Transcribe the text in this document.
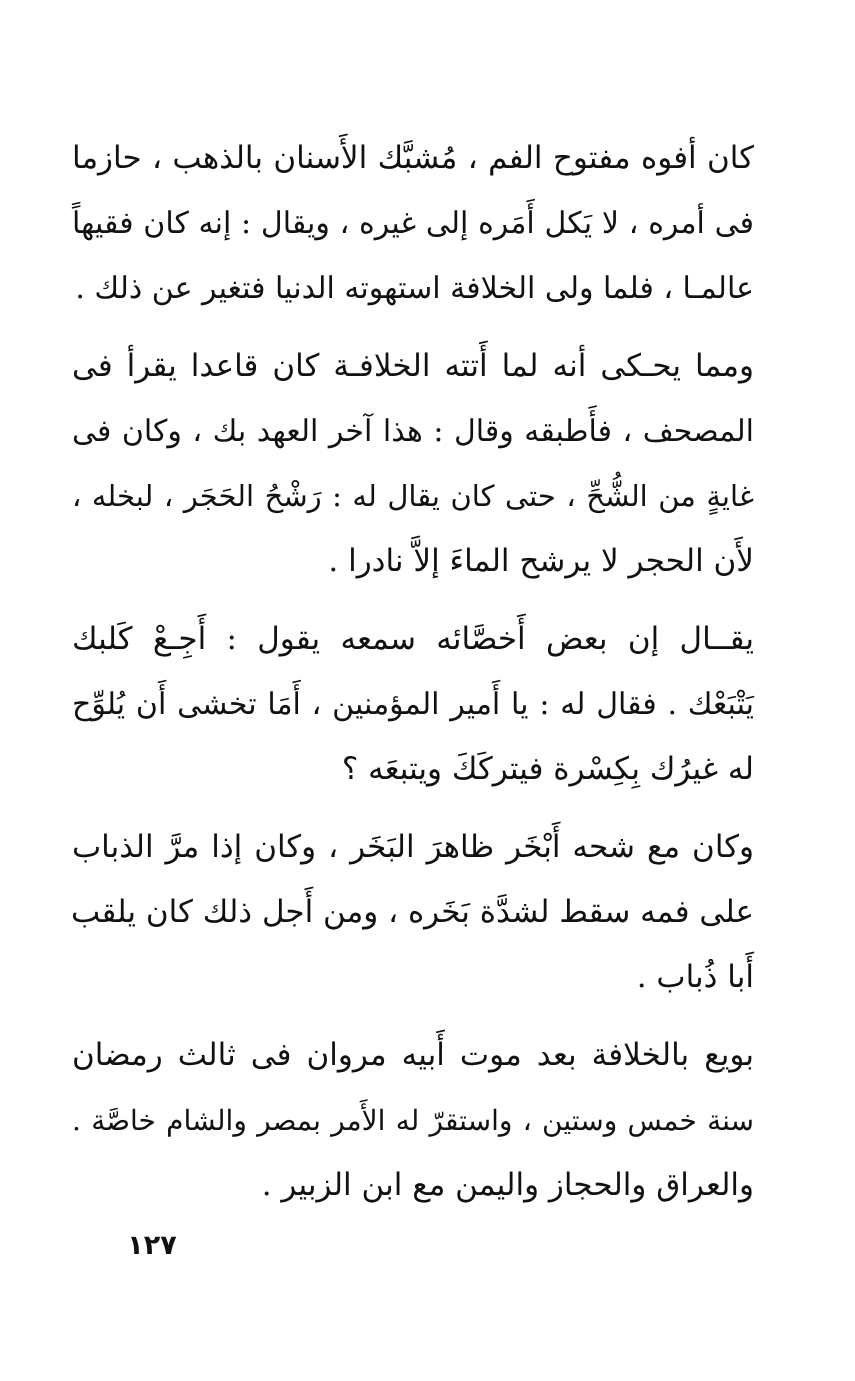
كان أفوه مفتوح الفم ، مُشبَّك الأَسنان بالذهب ، حازما
فى أمره ، لا يَكل أَمَره إلى غيره ، ويقال : إنه كان فقيهاً
عالمـا ، فلما ولى الخلافة استهوته الدنيا فتغير عن ذلك .
ومما يحـكى أنه لما أَتته الخلافـة كان قاعدا يقرأ فى
المصحف ، فأَطبقه وقال : هذا آخر العهد بك ، وكان فى
غايةٍ من الشُّحِّ ، حتى كان يقال له : رَشْحُ الحَجَر ، لبخله ،
لأَن الحجر لا يرشح الماءَ إلاَّ نادرا .
يقــال إن بعض أَخصَّائه سمعه يقول : أَجِـعْ كَلبك
يَتْبَعْك . فقال له : يا أَمير المؤمنين ، أَمَا تخشى أَن يُلوِّح
له غيرُك بِكِسْرة فيتركَكَ ويتبعَه ؟
وكان مع شحه أَبْخَر ظاهرَ البَخَر ، وكان إذا مرَّ الذباب
على فمه سقط لشدَّة بَخَره ، ومن أَجل ذلك كان يلقب
أَبا ذُباب .
بويع بالخلافة بعد موت أَبيه مروان فى ثالث رمضان
سنة خمس وستين ، واستقرّ له الأَمر بمصر والشام خاصَّة .
والعراق والحجاز واليمن مع ابن الزبير .
١٢٧
